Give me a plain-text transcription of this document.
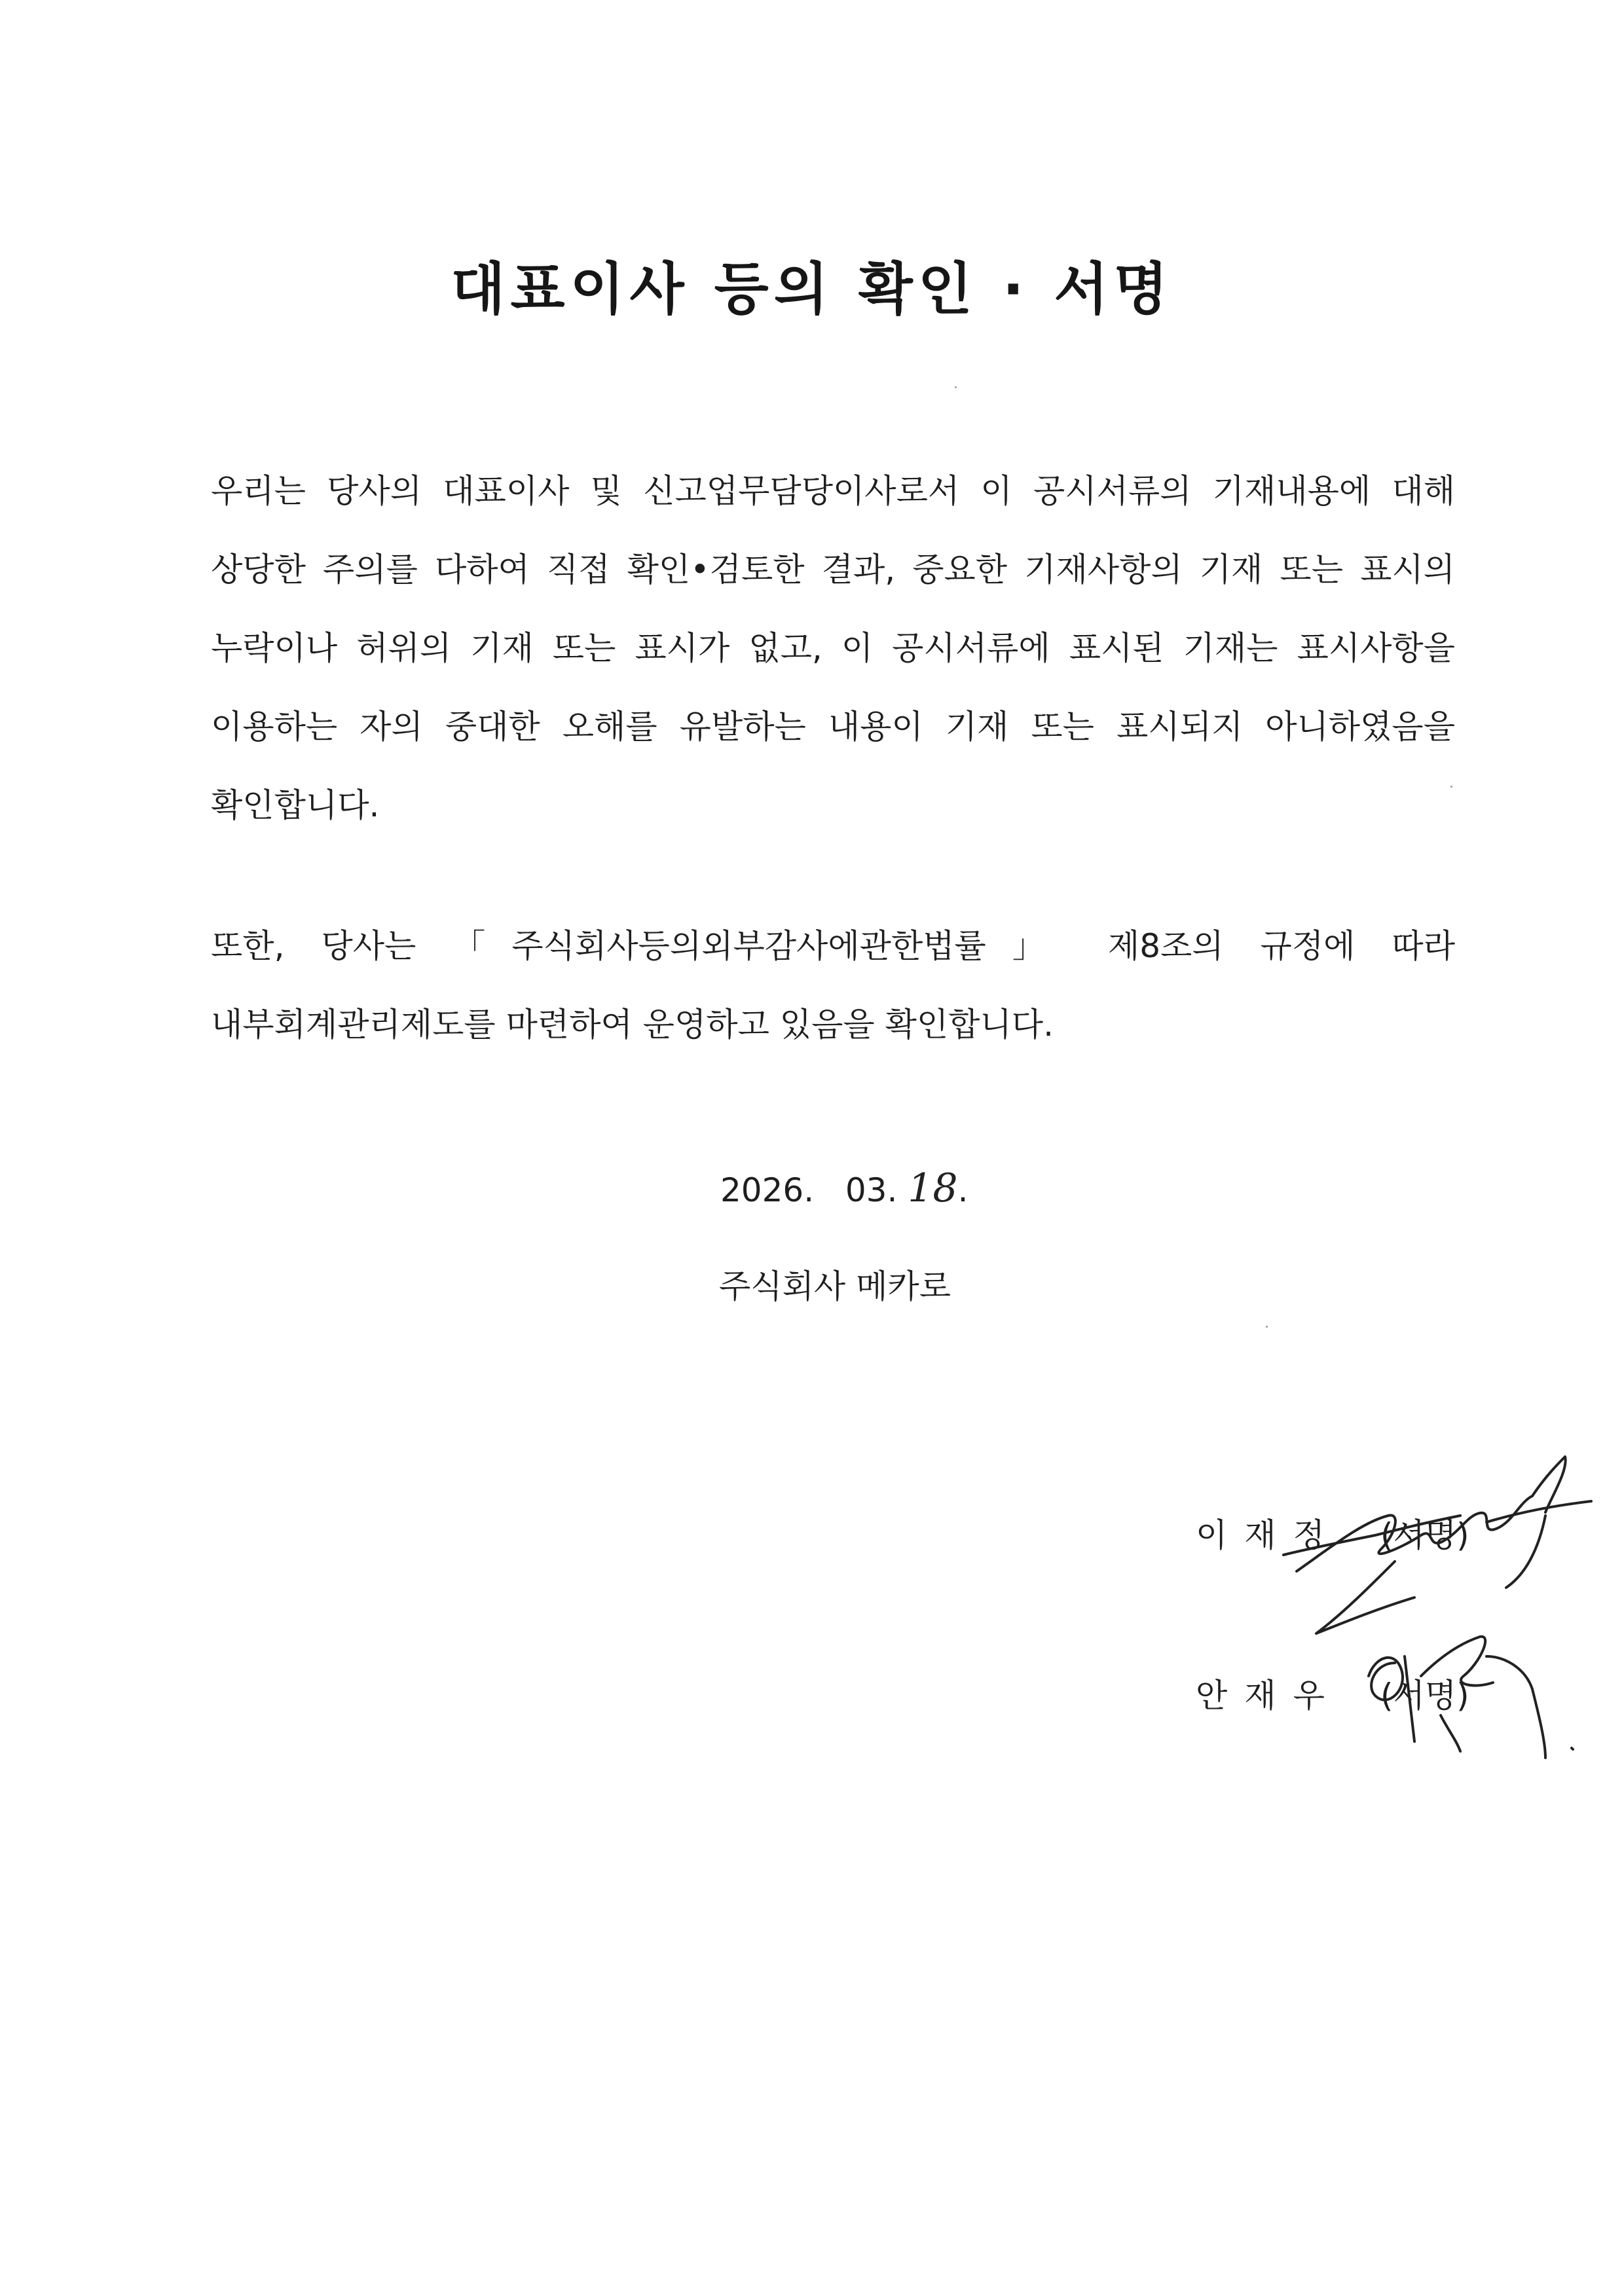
대표이사 등의 확인 · 서명

우리는 당사의 대표이사 및 신고업무담당이사로서 이 공시서류의 기재내용에 대해 상당한 주의를 다하여 직접 확인•검토한 결과, 중요한 기재사항의 기재 또는 표시의 누락이나 허위의 기재 또는 표시가 없고, 이 공시서류에 표시된 기재는 표시사항을 이용하는 자의 중대한 오해를 유발하는 내용이 기재 또는 표시되지 아니하였음을 확인합니다.

또한, 당사는 「주식회사등의외부감사에관한법률」 제8조의 규정에 따라 내부회계관리제도를 마련하여 운영하고 있음을 확인합니다.

2026.   03. 18.
주식회사 메카로
이재정 (서명)
안재우 (서명)
